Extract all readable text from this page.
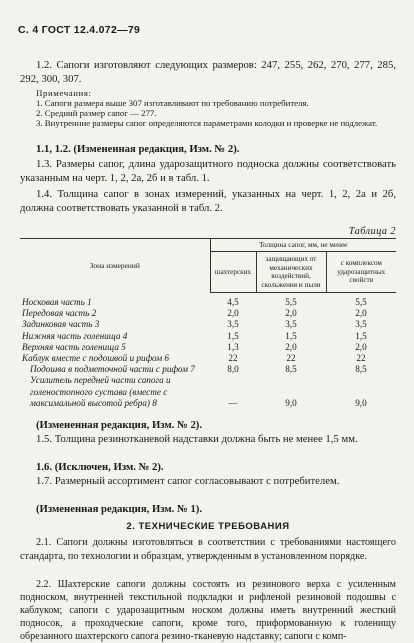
С. 4 ГОСТ 12.4.072—79
1.2. Сапоги изготовляют следующих размеров: 247, 255, 262, 270, 277, 285, 292, 300, 307.
Примечания:
1. Сапоги размера выше 307 изготавливают по требованию потребителя.
2. Средний размер сапог — 277.
3. Внутренние размеры сапог определяются параметрами колодки и проверке не подлежат.
1.1, 1.2. (Измененная редакция, Изм. № 2).
1.3. Размеры сапог, длина ударозащитного подноска должны соответствовать указанным на черт. 1, 2, 2а, 2б и в табл. 1.
1.4. Толщина сапог в зонах измерений, указанных на черт. 1, 2, 2а и 2б, должна соответствовать указанной в табл. 2.
Таблица 2
Зона измерений	Толщина сапог, мм, не менее		
	шахтерских	защищающих от механических воздействий, скольжения и пыли	с комплексом ударозащитных свойств

Носковая часть 1	4,5	5,5	5,5
Передовая часть 2	2,0	2,0	2,0
Задинковая часть 3	3,5	3,5	3,5
Нижняя часть голенища 4	1,5	1,5	1,5
Верхняя часть голенища 5	1,3	2,0	2,0
Каблук вместе с подошвой и рифом 6	22	22	22
Подошва в подметочной части с рифом 7	8,0	8,5	8,5
Усилитель передней части сапога и голеностопного сустава (вместе с максимальной высотой ребра) 8	—	9,0	9,0
(Измененная редакция, Изм. № 2).
1.5. Толщина резинотканевой надставки должна быть не менее 1,5 мм.
1.6. (Исключен, Изм. № 2).
1.7. Размерный ассортимент сапог согласовывают с потребителем.
(Измененная редакция, Изм. № 1).
2. ТЕХНИЧЕСКИЕ ТРЕБОВАНИЯ
2.1. Сапоги должны изготовляться в соответствии с требованиями настоящего стандарта, по технологии и образцам, утвержденным в установленном порядке.
2.2. Шахтерские сапоги должны состоять из резинового верха с усиленным подноском, внутренней текстильной подкладки и рифленой резиновой подошвы с каблуком; сапоги с ударозащитным носком должны иметь внутренний жесткий подносок, а проходческие сапоги, кроме того, приформованную к голенищу обрезанного шахтерского сапога резино-тканевую надставку; сапоги с комп-
